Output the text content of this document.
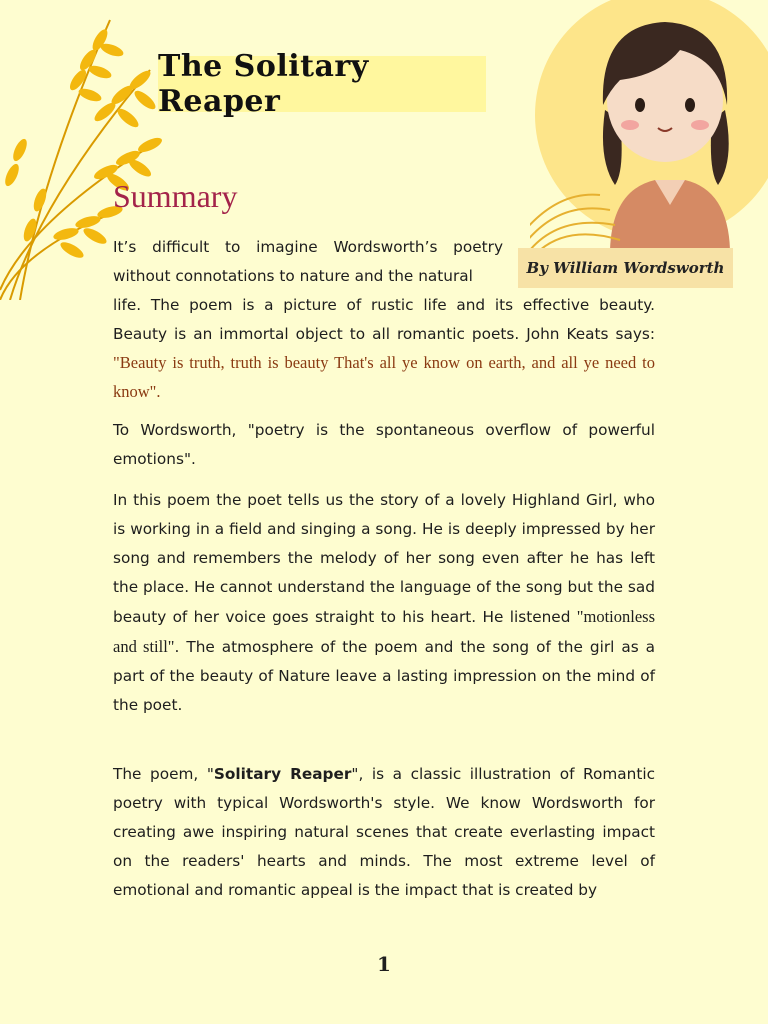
The Solitary Reaper
Summary
By William Wordsworth
It’s difficult to imagine Wordsworth’s poetry without connotations to nature and the natural
life. The poem is a picture of rustic life and its effective beauty. Beauty is an immortal object to all romantic poets. John Keats says: "Beauty is truth, truth is beauty That's all ye know on earth, and all ye need to know".
To Wordsworth, "poetry is the spontaneous overflow of powerful emotions".
In this poem the poet tells us the story of a lovely Highland Girl, who is working in a field and singing a song. He is deeply impressed by her song and remembers the melody of her song even after he has left the place. He cannot understand the language of the song but the sad beauty of her voice goes straight to his heart. He listened "motionless and still". The atmosphere of the poem and the song of the girl as a part of the beauty of Nature leave a lasting impression on the mind of the poet.
The poem, "Solitary Reaper", is a classic illustration of Romantic poetry with typical Wordsworth's style. We know Wordsworth for creating awe inspiring natural scenes that create everlasting impact on the readers' hearts and minds. The most extreme level of emotional and romantic appeal is the impact that is created by
1
